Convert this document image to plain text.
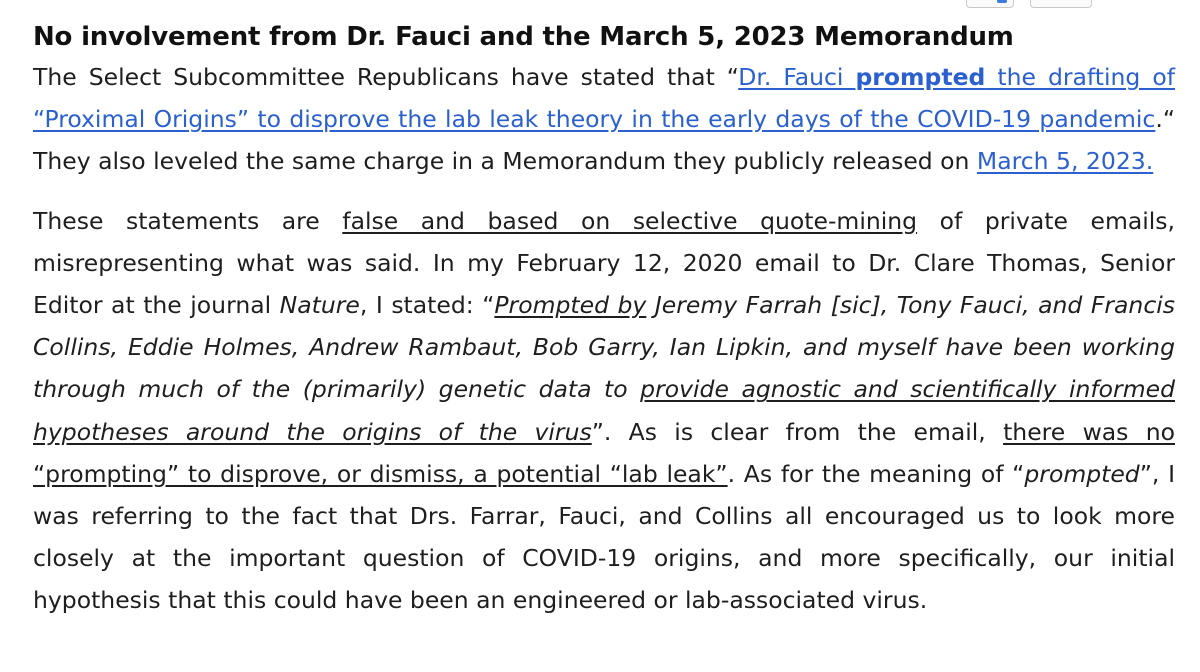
No involvement from Dr. Fauci and the March 5, 2023 Memorandum

The Select Subcommittee Republicans have stated that “Dr. Fauci prompted the drafting of “Proximal Origins” to disprove the lab leak theory in the early days of the COVID-19 pandemic.“ They also leveled the same charge in a Memorandum they publicly released on March 5, 2023.

These statements are false and based on selective quote-mining of private emails, misrepresenting what was said. In my February 12, 2020 email to Dr. Clare Thomas, Senior Editor at the journal Nature, I stated: “Prompted by Jeremy Farrah [sic], Tony Fauci, and Francis Collins, Eddie Holmes, Andrew Rambaut, Bob Garry, Ian Lipkin, and myself have been working through much of the (primarily) genetic data to provide agnostic and scientifically informed hypotheses around the origins of the virus”. As is clear from the email, there was no “prompting” to disprove, or dismiss, a potential “lab leak”. As for the meaning of “prompted”, I was referring to the fact that Drs. Farrar, Fauci, and Collins all encouraged us to look more closely at the important question of COVID-19 origins, and more specifically, our initial hypothesis that this could have been an engineered or lab-associated virus.
